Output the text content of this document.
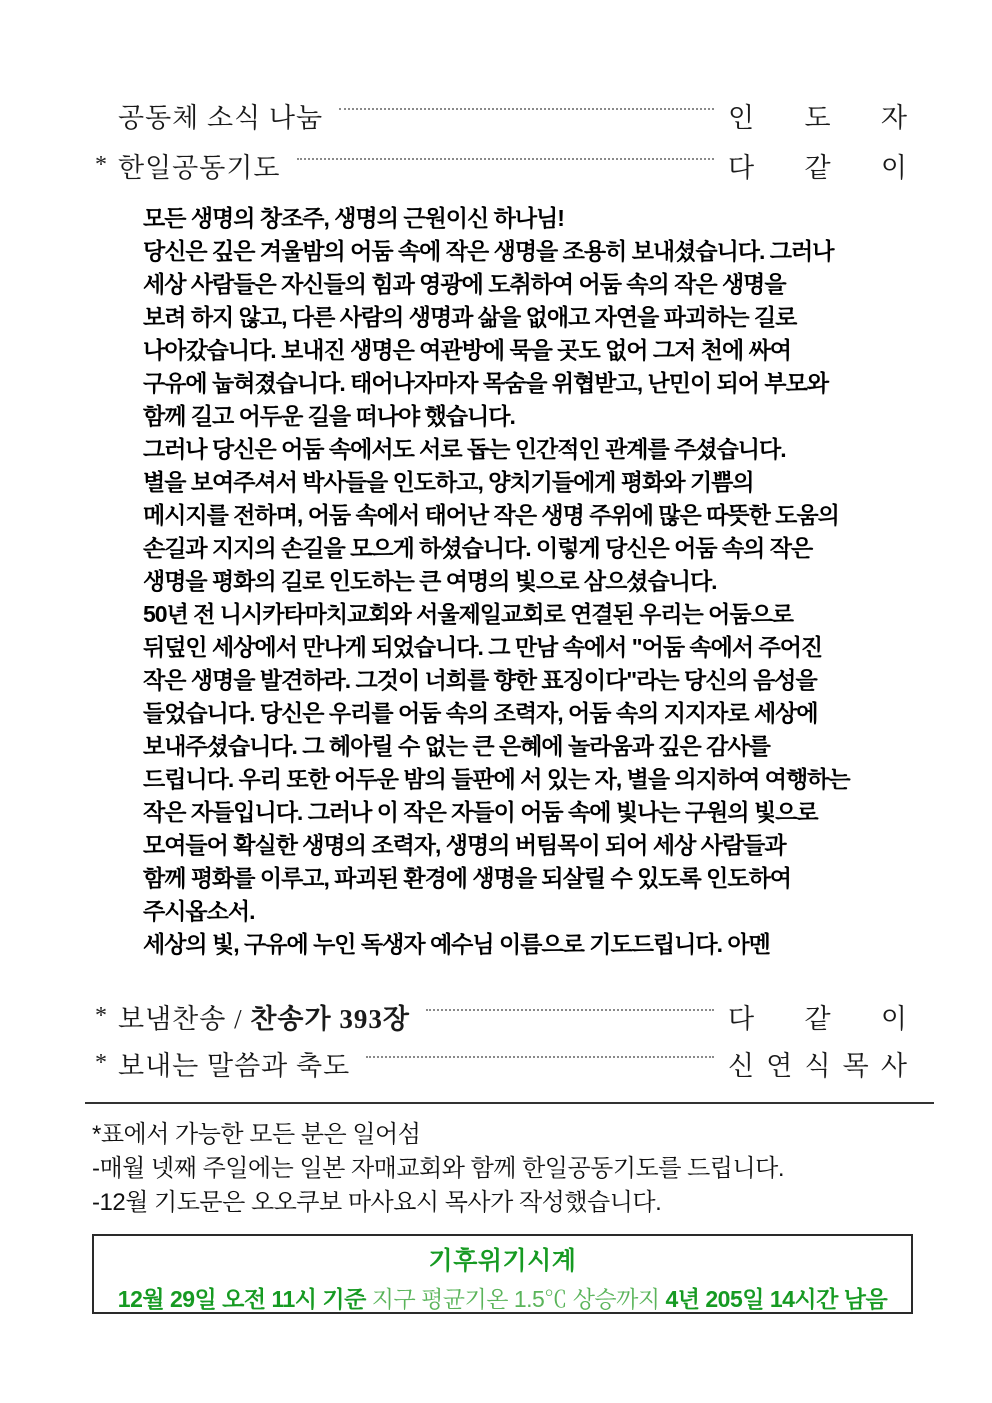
공동체 소식 나눔	인 도 자
* 한일공동기도	다 같 이
모든 생명의 창조주, 생명의 근원이신 하나님!
당신은 깊은 겨울밤의 어둠 속에 작은 생명을 조용히 보내셨습니다. 그러나
세상 사람들은 자신들의 힘과 영광에 도취하여 어둠 속의 작은 생명을
보려 하지 않고, 다른 사람의 생명과 삶을 없애고 자연을 파괴하는 길로
나아갔습니다. 보내진 생명은 여관방에 묵을 곳도 없어 그저 천에 싸여
구유에 눕혀졌습니다. 태어나자마자 목숨을 위협받고, 난민이 되어 부모와
함께 길고 어두운 길을 떠나야 했습니다.
그러나 당신은 어둠 속에서도 서로 돕는 인간적인 관계를 주셨습니다.
별을 보여주셔서 박사들을 인도하고, 양치기들에게 평화와 기쁨의
메시지를 전하며, 어둠 속에서 태어난 작은 생명 주위에 많은 따뜻한 도움의
손길과 지지의 손길을 모으게 하셨습니다. 이렇게 당신은 어둠 속의 작은
생명을 평화의 길로 인도하는 큰 여명의 빛으로 삼으셨습니다.
50년 전 니시카타마치교회와 서울제일교회로 연결된 우리는 어둠으로
뒤덮인 세상에서 만나게 되었습니다. 그 만남 속에서 "어둠 속에서 주어진
작은 생명을 발견하라. 그것이 너희를 향한 표징이다"라는 당신의 음성을
들었습니다. 당신은 우리를 어둠 속의 조력자, 어둠 속의 지지자로 세상에
보내주셨습니다. 그 헤아릴 수 없는 큰 은혜에 놀라움과 깊은 감사를
드립니다. 우리 또한 어두운 밤의 들판에 서 있는 자, 별을 의지하여 여행하는
작은 자들입니다. 그러나 이 작은 자들이 어둠 속에 빛나는 구원의 빛으로
모여들어 확실한 생명의 조력자, 생명의 버팀목이 되어 세상 사람들과
함께 평화를 이루고, 파괴된 환경에 생명을 되살릴 수 있도록 인도하여
주시옵소서.
세상의 빛, 구유에 누인 독생자 예수님 이름으로 기도드립니다. 아멘
* 보냄찬송 / 찬송가 393장	다 같 이
* 보내는 말씀과 축도	신 연 식 목 사
*표에서 가능한 모든 분은 일어섬
-매월 넷째 주일에는 일본 자매교회와 함께 한일공동기도를 드립니다.
-12월 기도문은 오오쿠보 마사요시 목사가 작성했습니다.
기후위기시계
12월 29일 오전 11시 기준 지구 평균기온 1.5℃ 상승까지 4년 205일 14시간 남음
